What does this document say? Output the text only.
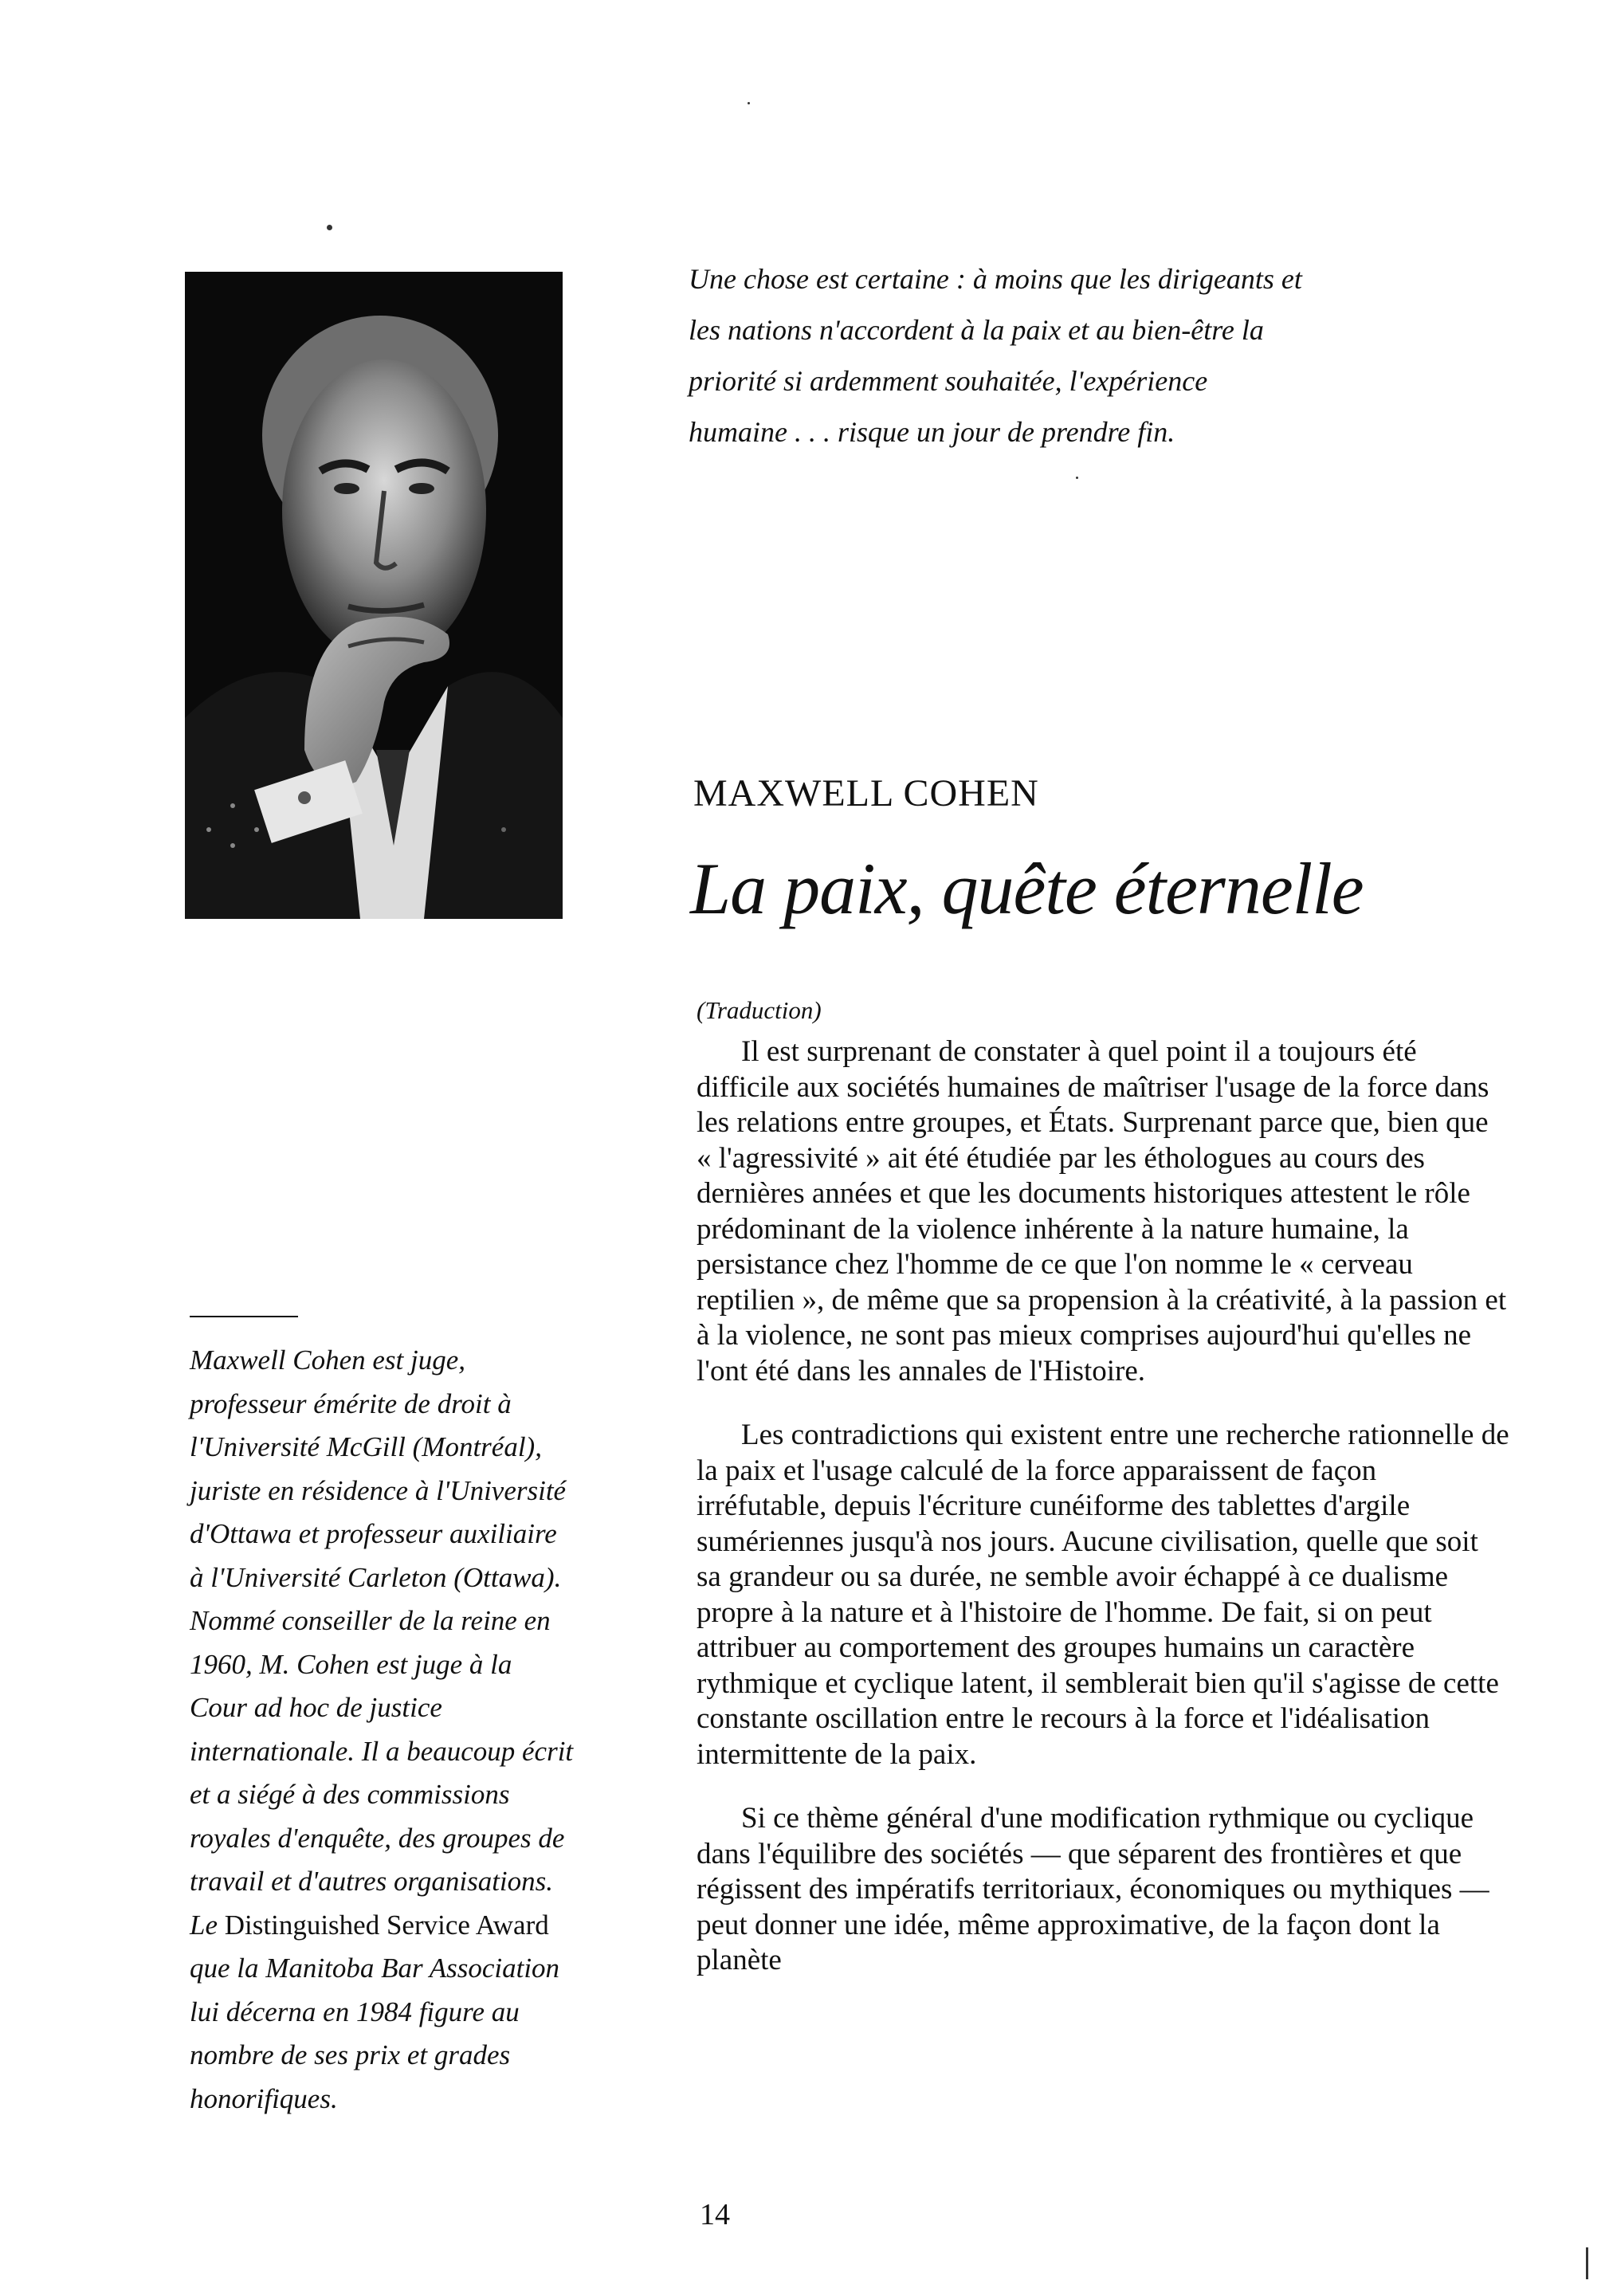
Une chose est certaine : à moins que les dirigeants et

les nations n'accordent à la paix et au bien-être la

priorité si ardemment souhaitée, l'expérience

humaine . . . risque un jour de prendre fin.

MAXWELL COHEN
La paix, quête éternelle
(Traduction)

Il est surprenant de constater à quel point il a toujours été difficile aux sociétés humaines de maîtriser l'usage de la force dans les relations entre groupes, et États. Surprenant parce que, bien que « l'agressivité » ait été étudiée par les éthologues au cours des dernières années et que les documents historiques attestent le rôle prédominant de la violence inhérente à la nature humaine, la persistance chez l'homme de ce que l'on nomme le « cerveau reptilien », de même que sa propension à la créativité, à la passion et à la violence, ne sont pas mieux comprises aujourd'hui qu'elles ne l'ont été dans les annales de l'Histoire.

Les contradictions qui existent entre une recherche rationnelle de la paix et l'usage calculé de la force apparaissent de façon irréfutable, depuis l'écriture cunéiforme des tablettes d'argile sumériennes jusqu'à nos jours. Aucune civilisation, quelle que soit sa grandeur ou sa durée, ne semble avoir échappé à ce dualisme propre à la nature et à l'histoire de l'homme. De fait, si on peut attribuer au comportement des groupes humains un caractère rythmique et cyclique latent, il semblerait bien qu'il s'agisse de cette constante oscillation entre le recours à la force et l'idéalisation intermittente de la paix.

Si ce thème général d'une modification rythmique ou cyclique dans l'équilibre des sociétés — que séparent des frontières et que régissent des impératifs territoriaux, économiques ou mythiques — peut donner une idée, même approximative, de la façon dont la planète

Maxwell Cohen est juge,
professeur émérite de droit à
l'Université McGill (Montréal),
juriste en résidence à l'Université
d'Ottawa et professeur auxiliaire
à l'Université Carleton (Ottawa).
Nommé conseiller de la reine en
1960, M. Cohen est juge à la
Cour ad hoc de justice
internationale. Il a beaucoup écrit
et a siégé à des commissions
royales d'enquête, des groupes de
travail et d'autres organisations.
Le Distinguished Service Award
que la Manitoba Bar Association
lui décerna en 1984 figure au
nombre de ses prix et grades
honorifiques.
14
